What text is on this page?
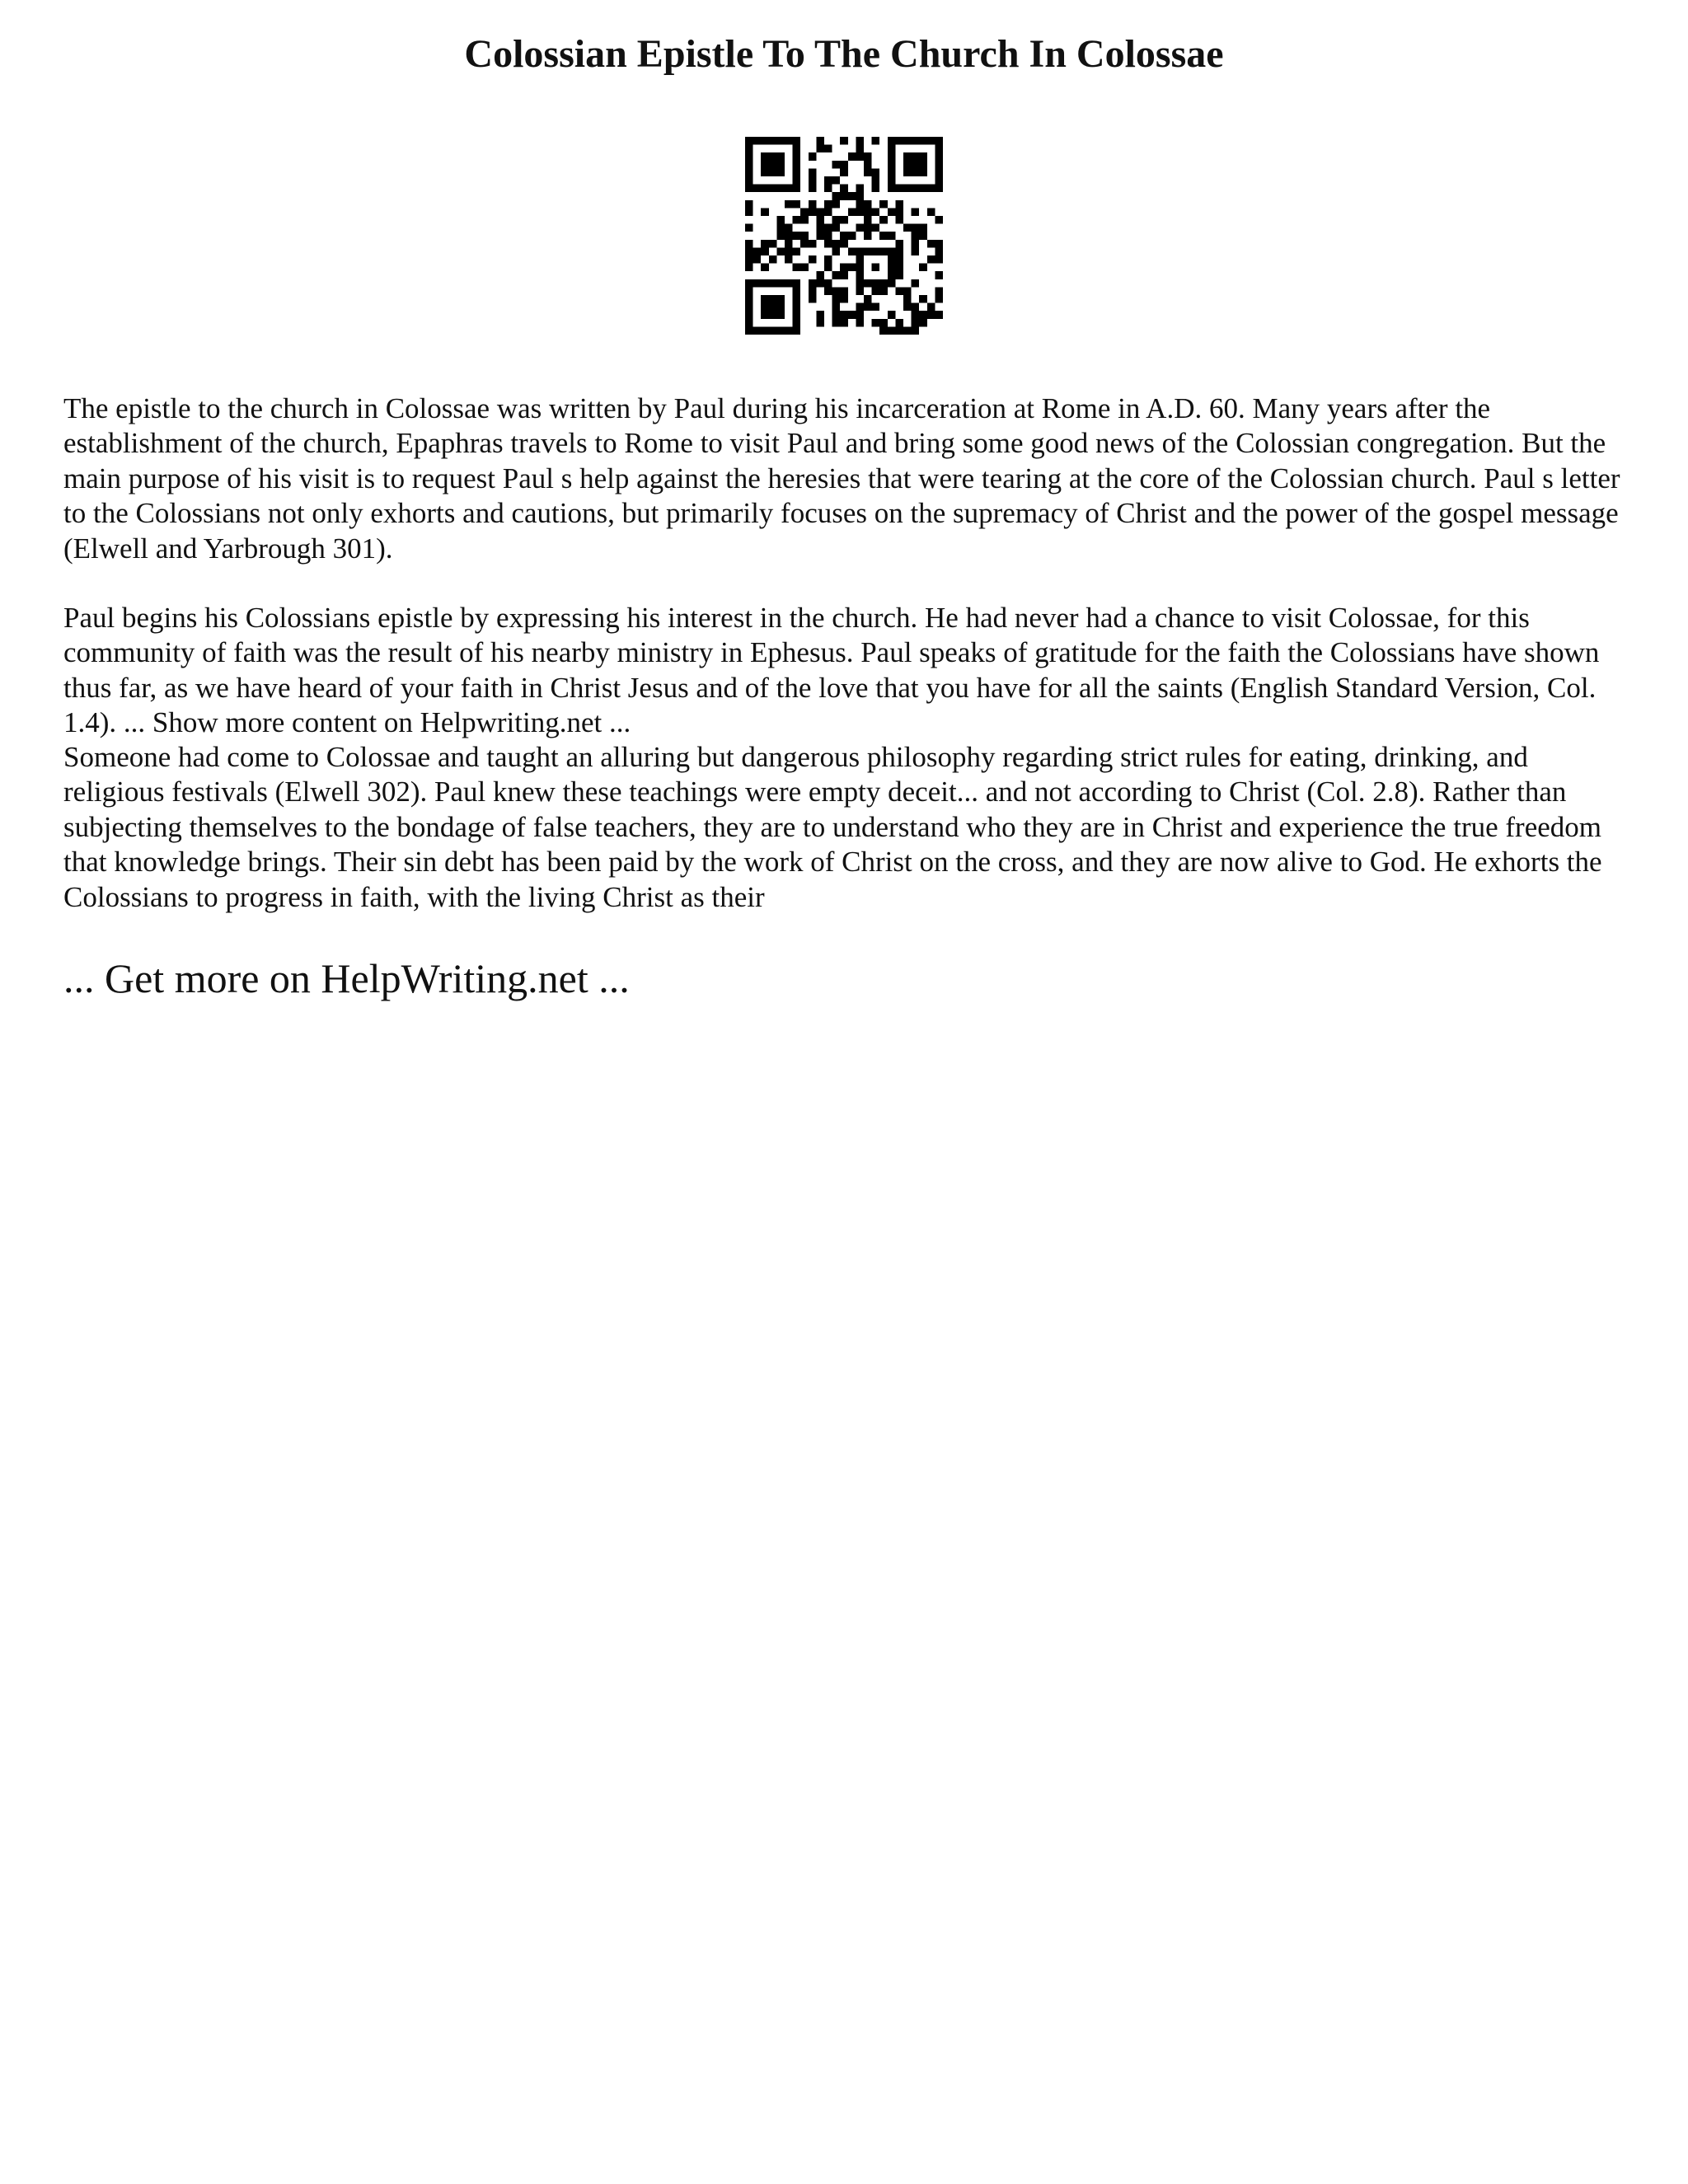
Colossian Epistle To The Church In Colossae

The epistle to the church in Colossae was written by Paul during his incarceration at Rome in A.D. 60. Many years after the establishment of the church, Epaphras travels to Rome to visit Paul and bring some good news of the Colossian congregation. But the main purpose of his visit is to request Paul s help against the heresies that were tearing at the core of the Colossian church. Paul s letter to the Colossians not only exhorts and cautions, but primarily focuses on the supremacy of Christ and the power of the gospel message (Elwell and Yarbrough 301).

Paul begins his Colossians epistle by expressing his interest in the church. He had never had a chance to visit Colossae, for this community of faith was the result of his nearby ministry in Ephesus. Paul speaks of gratitude for the faith the Colossians have shown thus far, as we have heard of your faith in Christ Jesus and of the love that you have for all the saints (English Standard Version, Col. 1.4). ... Show more content on Helpwriting.net ...

Someone had come to Colossae and taught an alluring but dangerous philosophy regarding strict rules for eating, drinking, and religious festivals (Elwell 302). Paul knew these teachings were empty deceit... and not according to Christ (Col. 2.8). Rather than subjecting themselves to the bondage of false teachers, they are to understand who they are in Christ and experience the true freedom that knowledge brings. Their sin debt has been paid by the work of Christ on the cross, and they are now alive to God. He exhorts the Colossians to progress in faith, with the living Christ as their

... Get more on HelpWriting.net ...
